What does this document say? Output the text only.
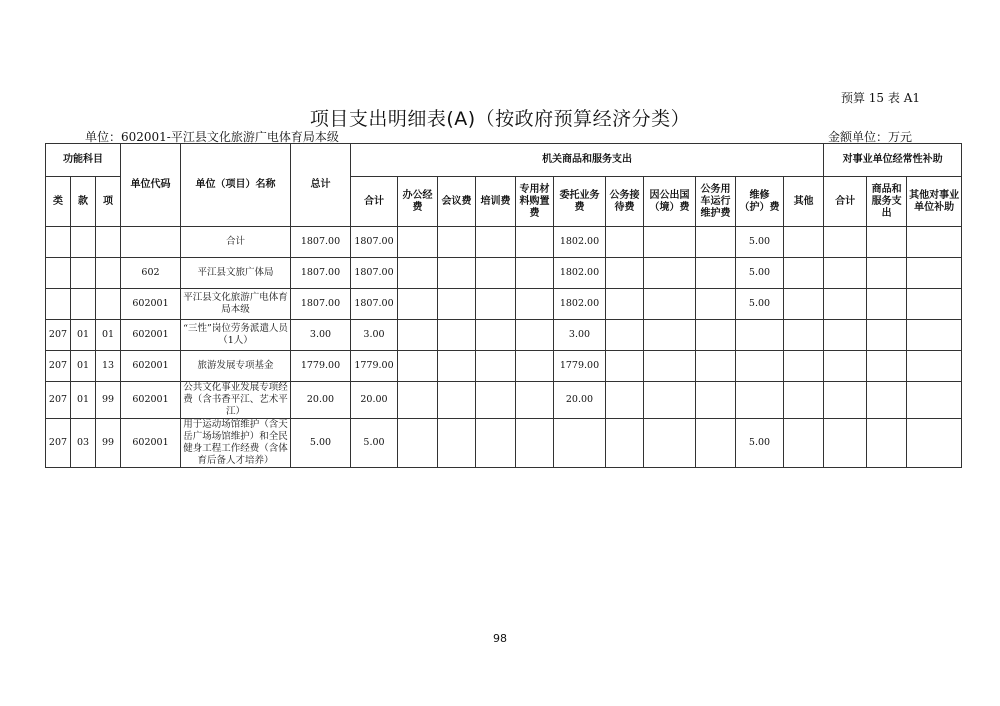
预算 15 表 A1
项目支出明细表(A)（按政府预算经济分类）
单位：602001-平江县文化旅游广电体育局本级	金额单位：万元
功能科目			单位代码	单位（项目）名称	总计	机关商品和服务支出											对事业单位经常性补助		
类	款	项				合计	办公经费	会议费	培训费	专用材料购置费	委托业务费	公务接待费	因公出国（境）费	公务用车运行维护费	维修（护）费	其他	合计	商品和服务支出	其他对事业单位补助
				合计	1807.00	1807.00					1802.00				5.00				
			602	平江县文旅广体局	1807.00	1807.00					1802.00				5.00				
			602001	平江县文化旅游广电体育局本级	1807.00	1807.00					1802.00				5.00				
207	01	01	602001	“三性”岗位劳务派遣人员（1人）	3.00	3.00					3.00								
207	01	13	602001	旅游发展专项基金	1779.00	1779.00					1779.00								
207	01	99	602001	公共文化事业发展专项经费（含书香平江、艺术平江）	20.00	20.00					20.00								
207	03	99	602001	用于运动场馆维护（含天岳广场场馆维护）和全民健身工程工作经费（含体育后备人才培养）	5.00	5.00									5.00				
98
